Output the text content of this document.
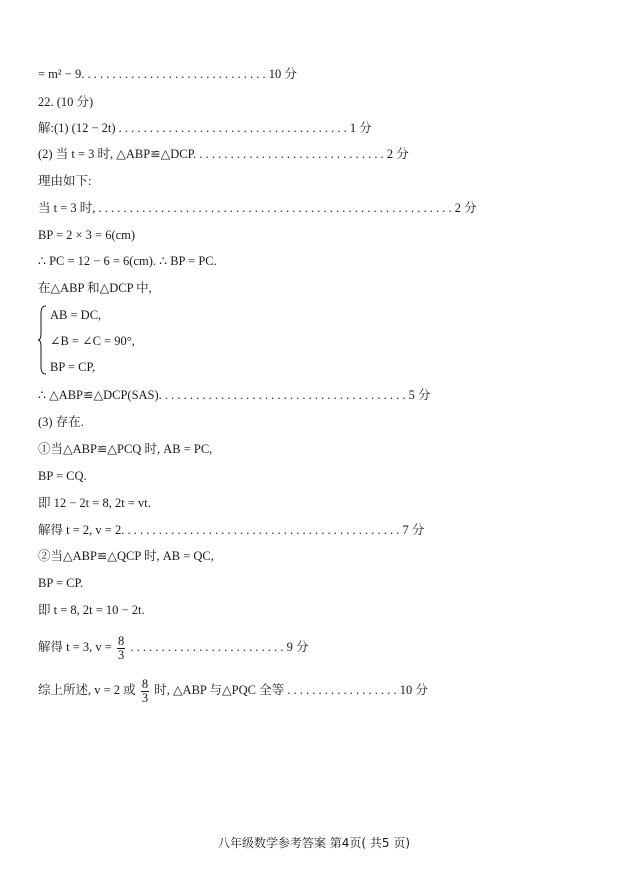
= m² − 9. . . . . . . . . . . . . . . . . . . . . . . . . . . . . . 10 分
22. (10 分)
解:(1) (12 − 2t) . . . . . . . . . . . . . . . . . . . . . . . . . . . . . . . . . . . . . 1 分
(2) 当 t = 3 时, △ABP≌△DCP. . . . . . . . . . . . . . . . . . . . . . . . . . . . . . . 2 分
理由如下:
当 t = 3 时, . . . . . . . . . . . . . . . . . . . . . . . . . . . . . . . . . . . . . . . . . . . . . . . . . . . . . . . . . 2 分
BP = 2 × 3 = 6(cm)
∴ PC = 12 − 6 = 6(cm). ∴ BP = PC.
在△ABP 和△DCP 中,
AB = DC,
∠B = ∠C = 90°,
BP = CP,
∴ △ABP≌△DCP(SAS). . . . . . . . . . . . . . . . . . . . . . . . . . . . . . . . . . . . . . . . 5 分
(3) 存在.
①当△ABP≌△PCQ 时, AB = PC,
BP = CQ.
即 12 − 2t = 8, 2t = vt.
解得 t = 2, v = 2. . . . . . . . . . . . . . . . . . . . . . . . . . . . . . . . . . . . . . . . . . . . . 7 分
②当△ABP≌△QCP 时, AB = QC,
BP = CP.
即 t = 8, 2t = 10 − 2t.
解得 t = 3, $v = \frac{8}{3}$ . . . . . . . . . . . . . . . . . . . . . . . . . 9 分
综上所述, v = 2 或 $\frac{8}{3}$ 时, △ABP 与△PQC 全等 . . . . . . . . . . . . . . . . . . 10 分
八年级数学参考答案 第4页( 共5 页)
